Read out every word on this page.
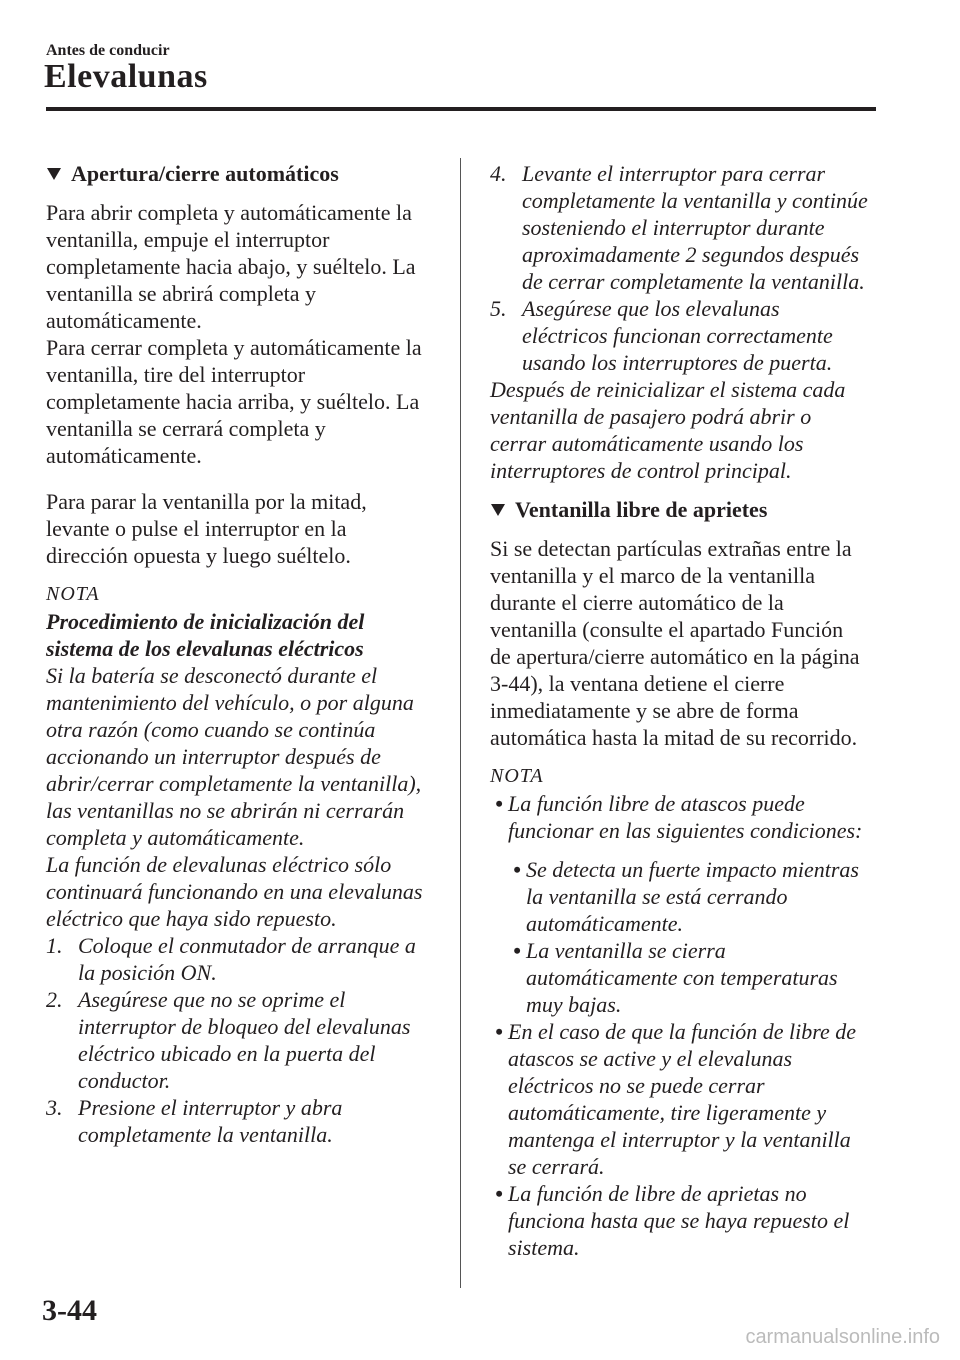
Antes de conducir
Elevalunas
Apertura/cierre automáticos

Para abrir completa y automáticamente la

ventanilla, empuje el interruptor

completamente hacia abajo, y suéltelo. La

ventanilla se abrirá completa y

automáticamente.

Para cerrar completa y automáticamente la

ventanilla, tire del interruptor

completamente hacia arriba, y suéltelo. La

ventanilla se cerrará completa y

automáticamente.

Para parar la ventanilla por la mitad,

levante o pulse el interruptor en la

dirección opuesta y luego suéltelo.

NOTA

Procedimiento de inicialización del

sistema de los elevalunas eléctricos

Si la batería se desconectó durante el

mantenimiento del vehículo, o por alguna

otra razón (como cuando se continúa

accionando un interruptor después de

abrir/cerrar completamente la ventanilla),

las ventanillas no se abrirán ni cerrarán

completa y automáticamente.

La función de elevalunas eléctrico sólo

continuará funcionando en una elevalunas

eléctrico que haya sido repuesto.

1. Coloque el conmutador de arranque a

la posición ON.

2. Asegúrese que no se oprime el

interruptor de bloqueo del elevalunas

eléctrico ubicado en la puerta del

conductor.

3. Presione el interruptor y abra

completamente la ventanilla.

4. Levante el interruptor para cerrar

completamente la ventanilla y continúe

sosteniendo el interruptor durante

aproximadamente 2 segundos después

de cerrar completamente la ventanilla.

5. Asegúrese que los elevalunas

eléctricos funcionan correctamente

usando los interruptores de puerta.

Después de reinicializar el sistema cada

ventanilla de pasajero podrá abrir o

cerrar automáticamente usando los

interruptores de control principal.

Ventanilla libre de aprietes

Si se detectan partículas extrañas entre la

ventanilla y el marco de la ventanilla

durante el cierre automático de la

ventanilla (consulte el apartado Función

de apertura/cierre automático en la página

3-44), la ventana detiene el cierre

inmediatamente y se abre de forma

automática hasta la mitad de su recorrido.

NOTA

• La función libre de atascos puede

funcionar en las siguientes condiciones:

• Se detecta un fuerte impacto mientras

la ventanilla se está cerrando

automáticamente.

• La ventanilla se cierra

automáticamente con temperaturas

muy bajas.

• En el caso de que la función de libre de

atascos se active y el elevalunas

eléctricos no se puede cerrar

automáticamente, tire ligeramente y

mantenga el interruptor y la ventanilla

se cerrará.

• La función de libre de aprietas no

funciona hasta que se haya repuesto el

sistema.

3-44
carmanualsonline.info
